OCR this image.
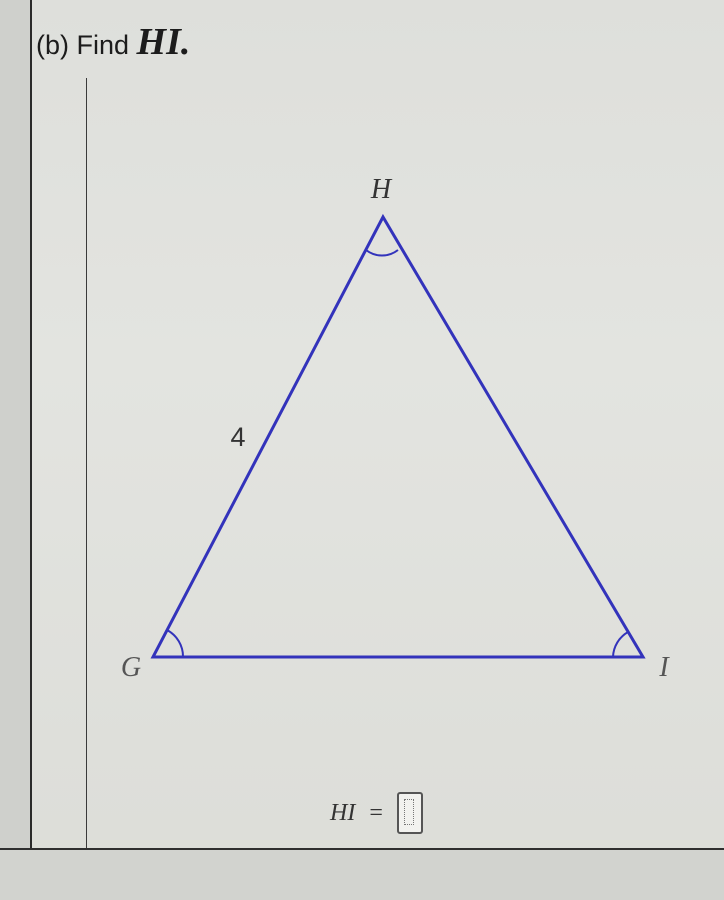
(b) Find HI.
H
G	I
4
HI =
